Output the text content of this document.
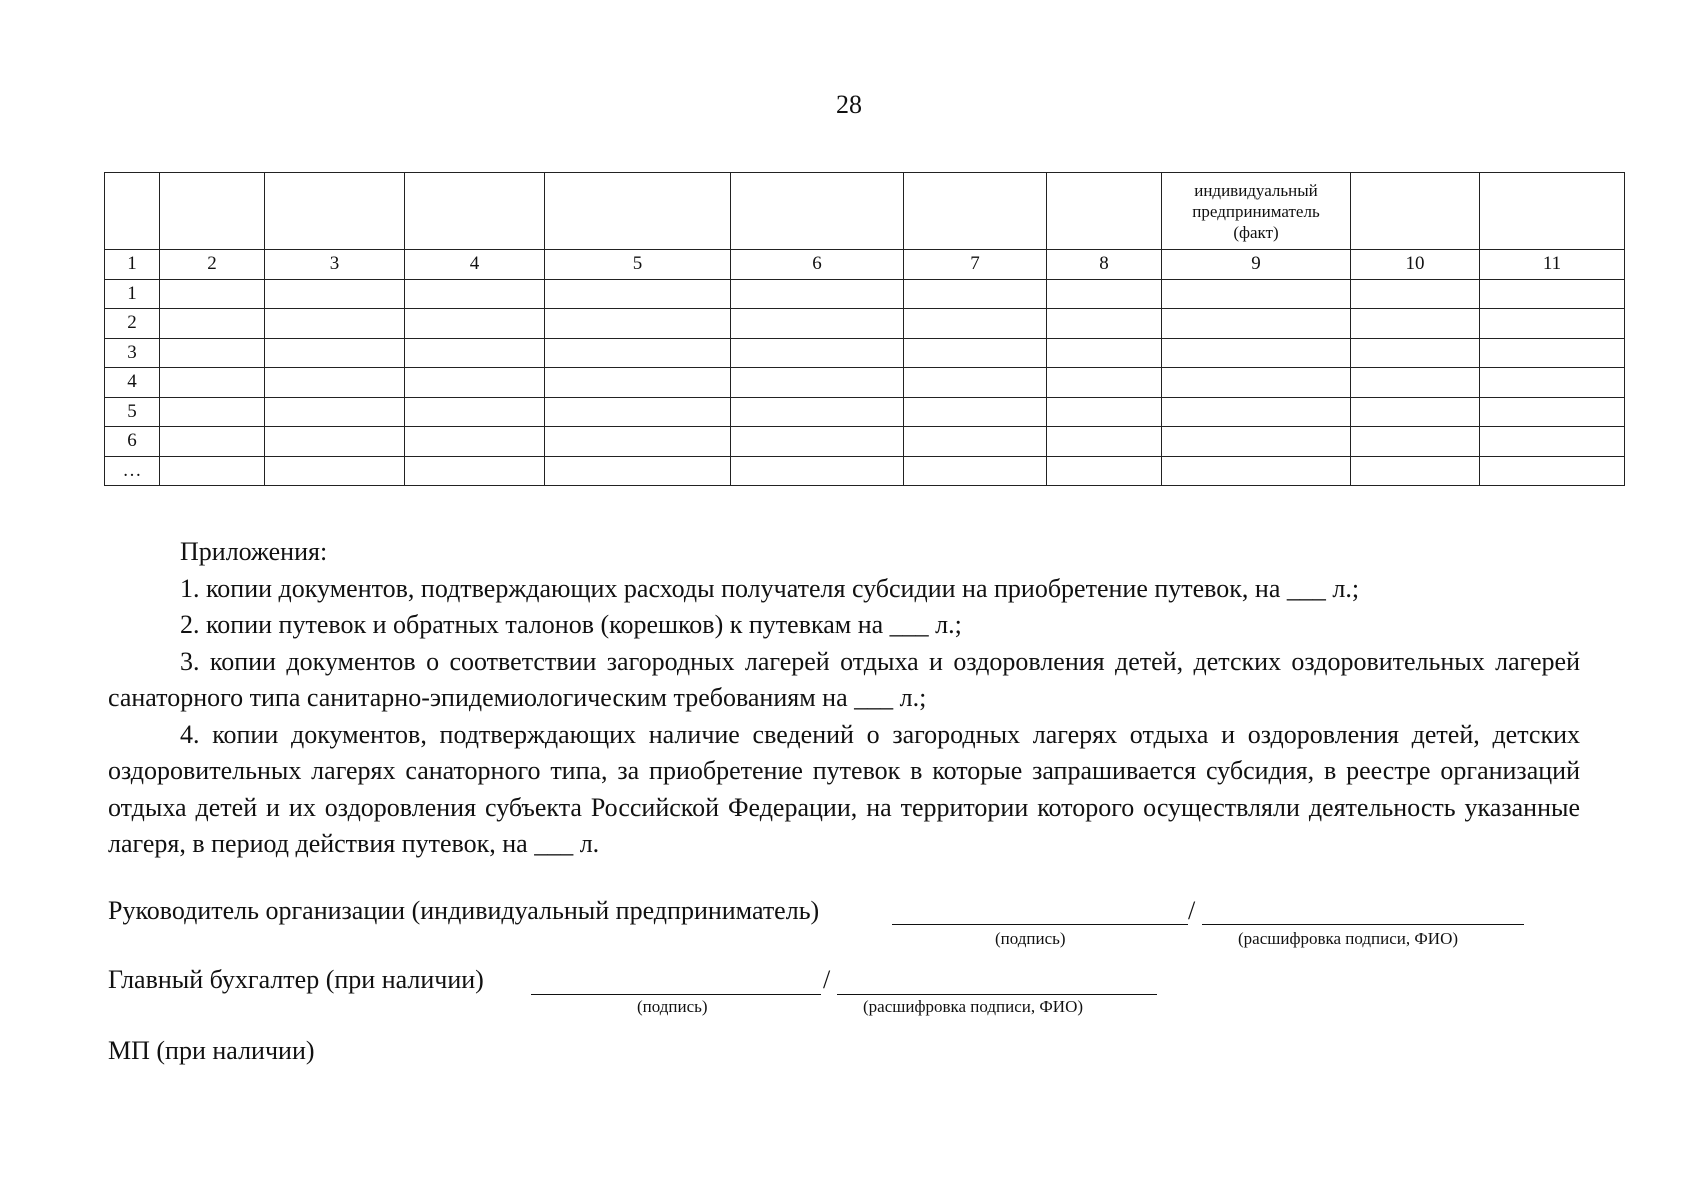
28
								индивидуальный предприниматель (факт)		
1	2	3	4	5	6	7	8	9	10	11
1										
2										
3										
4										
5										
6										
…										

Приложения:

1. копии документов, подтверждающих расходы получателя субсидии на приобретение путевок, на ___ л.;

2. копии путевок и обратных талонов (корешков) к путевкам на ___ л.;

3. копии документов о соответствии загородных лагерей отдыха и оздоровления детей, детских оздоровительных лагерей санаторного типа санитарно-эпидемиологическим требованиям на ___ л.;

4. копии документов, подтверждающих наличие сведений о загородных лагерях отдыха и оздоровления детей, детских оздоровительных лагерях санаторного типа, за приобретение путевок в которые запрашивается субсидия, в реестре организаций отдыха детей и их оздоровления субъекта Российской Федерации, на территории которого осуществляли деятельность указанные лагеря, в период действия путевок, на ___ л.

Руководитель организации (индивидуальный предприниматель)	/
(подпись)	(расшифровка подписи, ФИО)
Главный бухгалтер (при наличии)	/
(подпись)	(расшифровка подписи, ФИО)
МП (при наличии)
